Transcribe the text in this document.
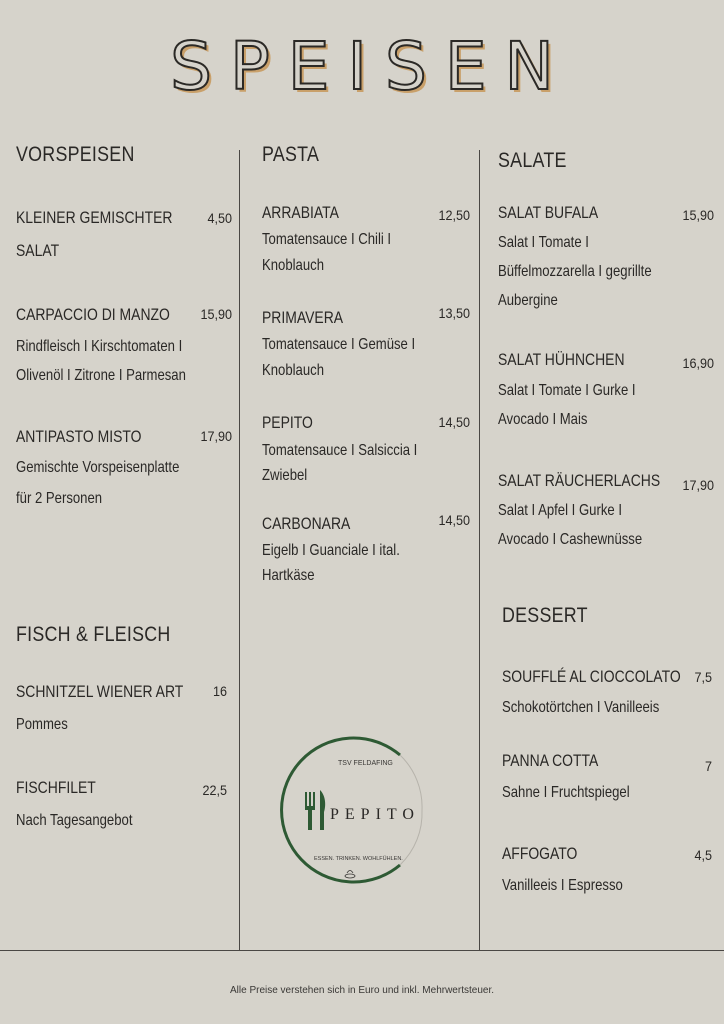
SPEISEN
VORSPEISEN
KLEINER GEMISCHTER
SALAT
4,50
CARPACCIO DI MANZO	15,90
Rindfleisch I Kirschtomaten I
Olivenöl I Zitrone I Parmesan
ANTIPASTO MISTO	17,90
Gemischte Vorspeisenplatte
für 2 Personen
FISCH & FLEISCH
SCHNITZEL WIENER ART	16
Pommes
FISCHFILET	22,5
Nach Tagesangebot
PASTA
ARRABIATA	12,50
Tomatensauce I Chili I
Knoblauch
PRIMAVERA	13,50
Tomatensauce I Gemüse I
Knoblauch
PEPITO	14,50
Tomatensauce I Salsiccia I
Zwiebel
CARBONARA	14,50
Eigelb I Guanciale I ital.
Hartkäse
TSV FELDAFING
PEPITO
ESSEN. TRINKEN. WOHLFÜHLEN.
SALATE
SALAT BUFALA	15,90
Salat I Tomate I
Büffelmozzarella I gegrillte
Aubergine
SALAT HÜHNCHEN	16,90
Salat I Tomate I Gurke I
Avocado I Mais
SALAT RÄUCHERLACHS	17,90
Salat I Apfel I Gurke I
Avocado I Cashewnüsse
DESSERT
SOUFFLÉ AL CIOCCOLATO 7,5
Schokotörtchen I Vanilleeis
PANNA COTTA	7
Sahne I Fruchtspiegel
AFFOGATO	4,5
Vanilleeis I Espresso
Alle Preise verstehen sich in Euro und inkl. Mehrwertsteuer.
